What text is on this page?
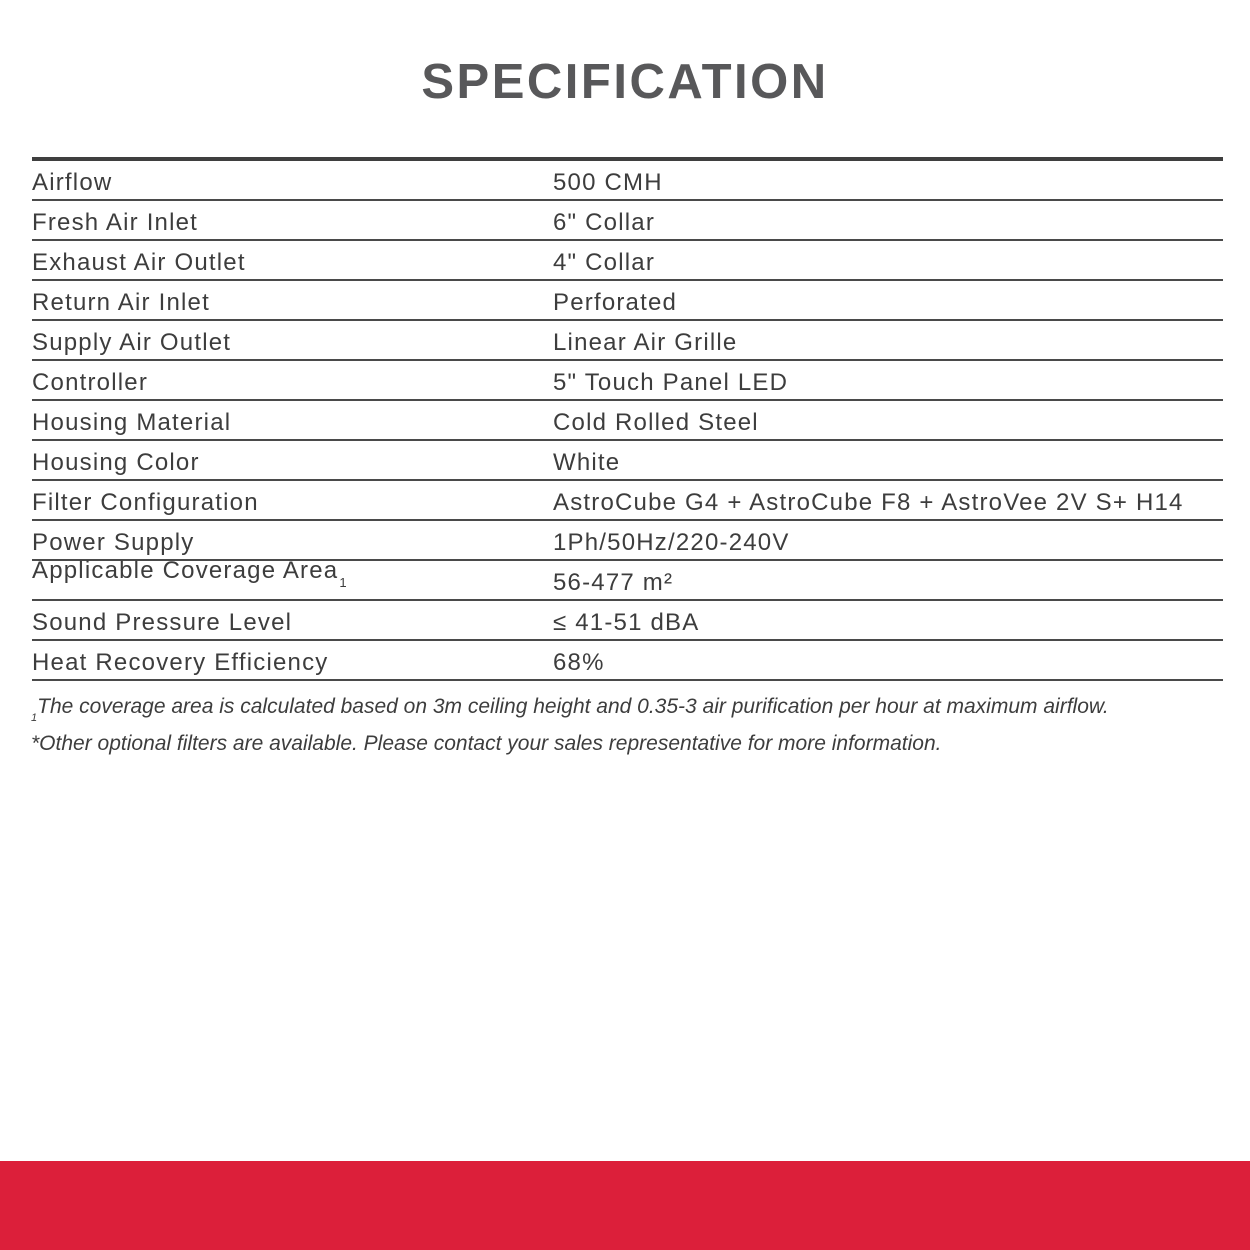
SPECIFICATION
Airflow	500 CMH
Fresh Air Inlet	6" Collar
Exhaust Air Outlet	4" Collar
Return Air Inlet	Perforated
Supply Air Outlet	Linear Air Grille
Controller	5" Touch Panel LED
Housing Material	Cold Rolled Steel
Housing Color	White
Filter Configuration	AstroCube G4 + AstroCube F8 + AstroVee 2V S+ H14
Power Supply	1Ph/50Hz/220-240V
Applicable Coverage Area$_1$	56-477 m²
Sound Pressure Level	≤ 41-51 dBA
Heat Recovery Efficiency	68%
$_1$The coverage area is calculated based on 3m ceiling height and 0.35-3 air purification per hour at maximum airflow.
*Other optional filters are available. Please contact your sales representative for more information.
